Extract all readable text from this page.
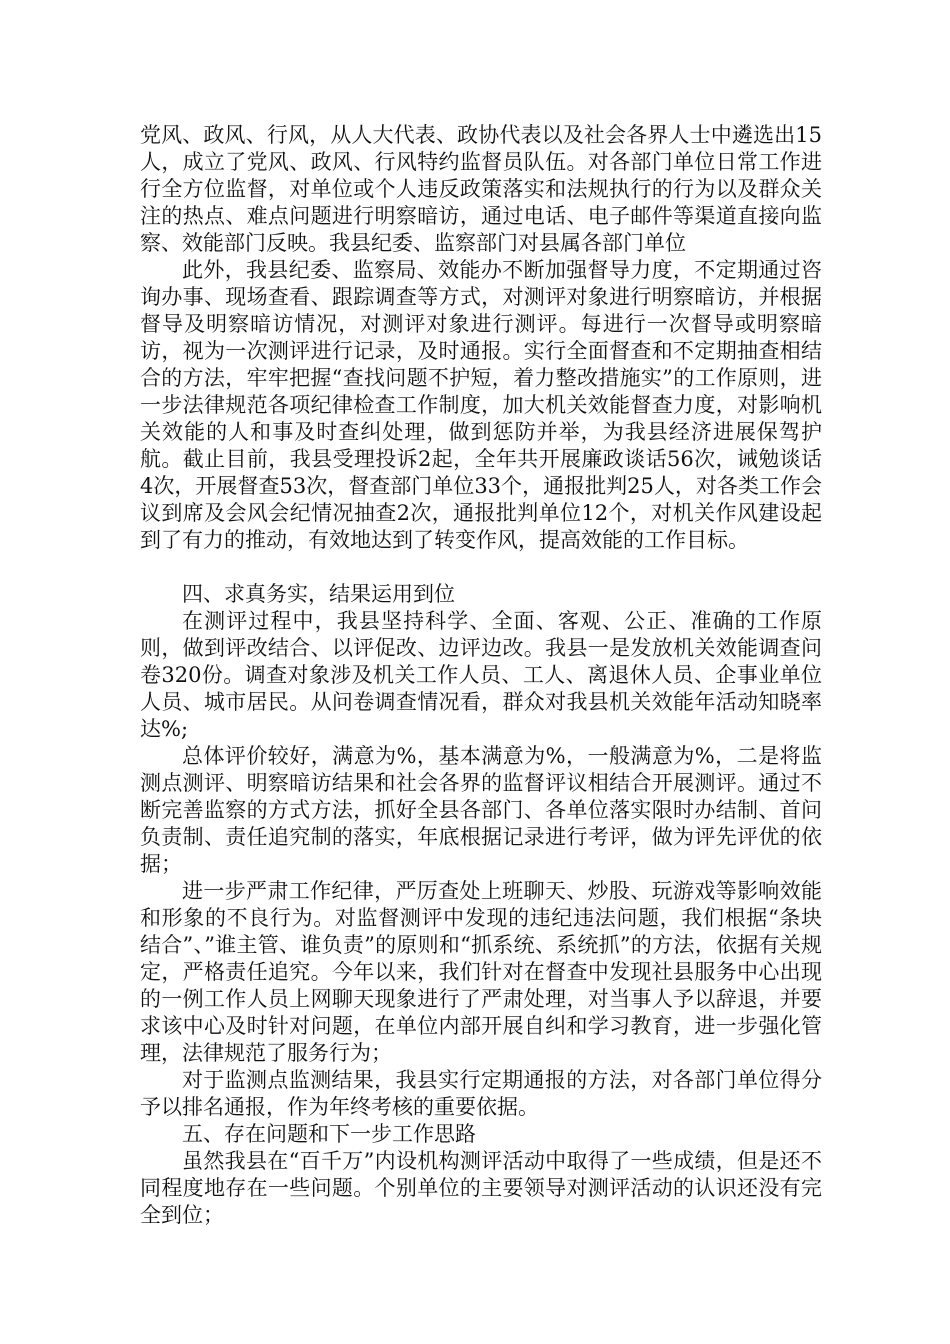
党风、政风、行风，从人大代表、政协代表以及社会各界人士中遴选出15人，成立了党风、政风、行风特约监督员队伍。对各部门单位日常工作进行全方位监督，对单位或个人违反政策落实和法规执行的行为以及群众关注的热点、难点问题进行明察暗访，通过电话、电子邮件等渠道直接向监察、效能部门反映。我县纪委、监察部门对县属各部门单位

此外，我县纪委、监察局、效能办不断加强督导力度，不定期通过咨询办事、现场查看、跟踪调查等方式，对测评对象进行明察暗访，并根据督导及明察暗访情况，对测评对象进行测评。每进行一次督导或明察暗访，视为一次测评进行记录，及时通报。实行全面督查和不定期抽查相结合的方法，牢牢把握“查找问题不护短，着力整改措施实”的工作原则，进一步法律规范各项纪律检查工作制度，加大机关效能督查力度，对影响机关效能的人和事及时查纠处理，做到惩防并举，为我县经济进展保驾护航。截止目前，我县受理投诉2起，全年共开展廉政谈话56次，诫勉谈话4次，开展督查53次，督查部门单位33个，通报批判25人，对各类工作会议到席及会风会纪情况抽查2次，通报批判单位12个，对机关作风建设起到了有力的推动，有效地达到了转变作风，提高效能的工作目标。

四、求真务实，结果运用到位

在测评过程中，我县坚持科学、全面、客观、公正、准确的工作原则，做到评改结合、以评促改、边评边改。我县一是发放机关效能调查问卷320份。调查对象涉及机关工作人员、工人、离退休人员、企事业单位人员、城市居民。从问卷调查情况看，群众对我县机关效能年活动知晓率达%;

总体评价较好，满意为%，基本满意为%，一般满意为%，二是将监测点测评、明察暗访结果和社会各界的监督评议相结合开展测评。通过不断完善监察的方式方法，抓好全县各部门、各单位落实限时办结制、首问负责制、责任追究制的落实，年底根据记录进行考评，做为评先评优的依据；

进一步严肃工作纪律，严厉查处上班聊天、炒股、玩游戏等影响效能和形象的不良行为。对监督测评中发现的违纪违法问题，我们根据“条块结合”、”谁主管、谁负责”的原则和“抓系统、系统抓”的方法，依据有关规定，严格责任追究。今年以来，我们针对在督查中发现社县服务中心出现的一例工作人员上网聊天现象进行了严肃处理，对当事人予以辞退，并要求该中心及时针对问题，在单位内部开展自纠和学习教育，进一步强化管理，法律规范了服务行为；

对于监测点监测结果，我县实行定期通报的方法，对各部门单位得分予以排名通报，作为年终考核的重要依据。

五、存在问题和下一步工作思路

虽然我县在“百千万”内设机构测评活动中取得了一些成绩，但是还不同程度地存在一些问题。个别单位的主要领导对测评活动的认识还没有完全到位；
